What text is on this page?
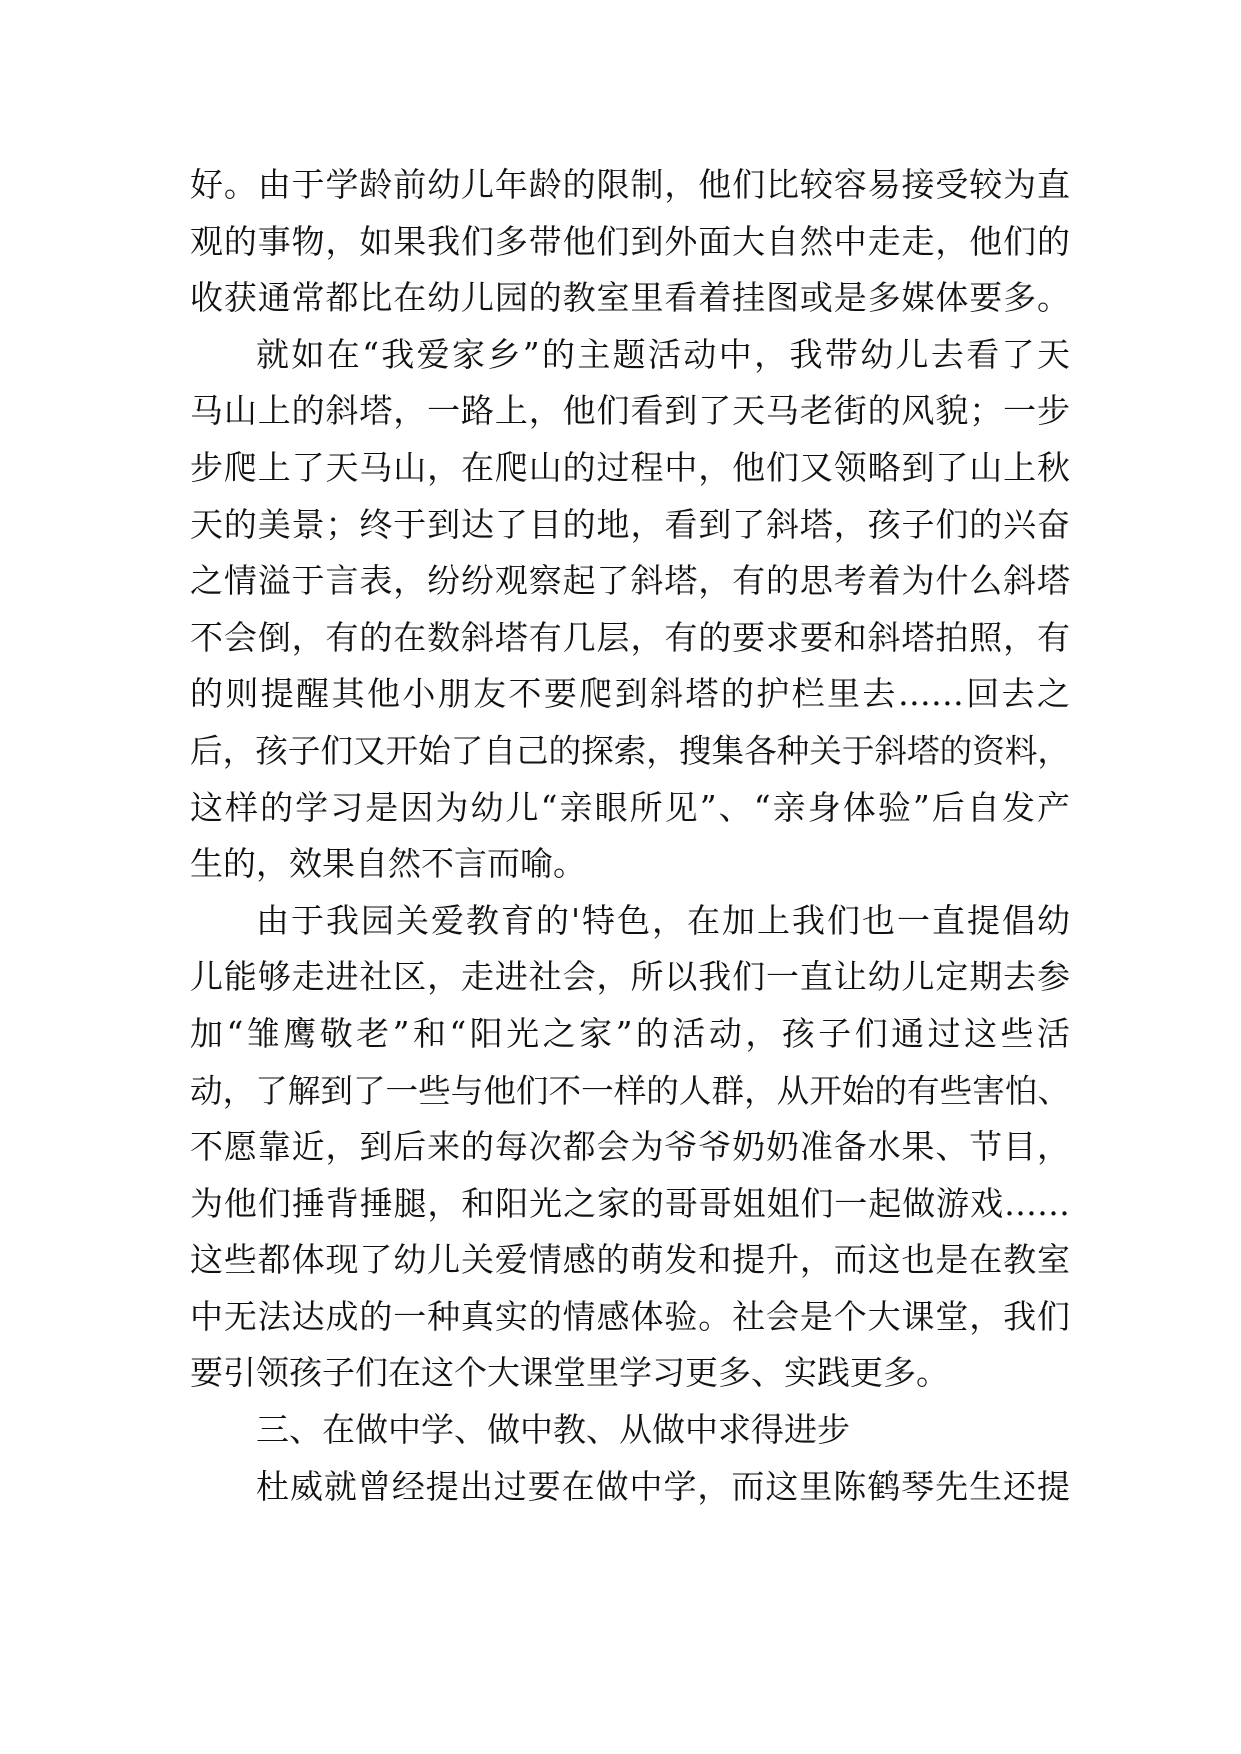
好。由于学龄前幼儿年龄的限制，他们比较容易接受较为直
观的事物，如果我们多带他们到外面大自然中走走，他们的
收获通常都比在幼儿园的教室里看着挂图或是多媒体要多。
就如在“我爱家乡”的主题活动中，我带幼儿去看了天
马山上的斜塔，一路上，他们看到了天马老街的风貌；一步
步爬上了天马山，在爬山的过程中，他们又领略到了山上秋
天的美景；终于到达了目的地，看到了斜塔，孩子们的兴奋
之情溢于言表，纷纷观察起了斜塔，有的思考着为什么斜塔
不会倒，有的在数斜塔有几层，有的要求要和斜塔拍照，有
的则提醒其他小朋友不要爬到斜塔的护栏里去……回去之
后，孩子们又开始了自己的探索，搜集各种关于斜塔的资料，
这样的学习是因为幼儿“亲眼所见”、“亲身体验”后自发产
生的，效果自然不言而喻。
由于我园关爱教育的'特色，在加上我们也一直提倡幼
儿能够走进社区，走进社会，所以我们一直让幼儿定期去参
加“雏鹰敬老”和“阳光之家”的活动，孩子们通过这些活
动，了解到了一些与他们不一样的人群，从开始的有些害怕、
不愿靠近，到后来的每次都会为爷爷奶奶准备水果、节目，
为他们捶背捶腿，和阳光之家的哥哥姐姐们一起做游戏……
这些都体现了幼儿关爱情感的萌发和提升，而这也是在教室
中无法达成的一种真实的情感体验。社会是个大课堂，我们
要引领孩子们在这个大课堂里学习更多、实践更多。
三、在做中学、做中教、从做中求得进步
杜威就曾经提出过要在做中学，而这里陈鹤琴先生还提
